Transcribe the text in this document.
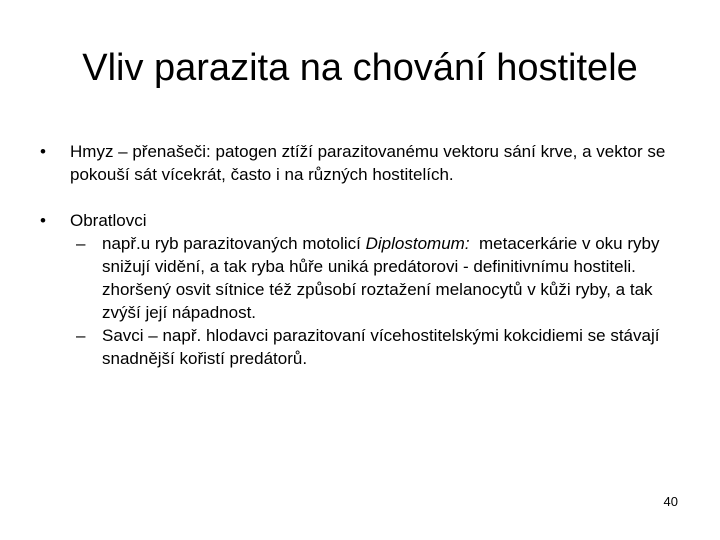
Vliv parazita na chování hostitele

• Hmyz – přenašeči: patogen ztíží parazitovanému vektoru sání krve, a vektor se pokouší sát vícekrát, často i na různých hostitelích.

• Obratlovci

– např.u ryb parazitovaných motolicí Diplostomum:  metacerkárie v oku ryby snižují vidění, a tak ryba hůře uniká predátorovi - definitivnímu hostiteli. zhoršený osvit sítnice též způsobí roztažení melanocytů v kůži ryby, a tak zvýší její nápadnost.

– Savci – např. hlodavci parazitovaní vícehostitelskými kokcidiemi se stávají snadnější kořistí predátorů.

40
